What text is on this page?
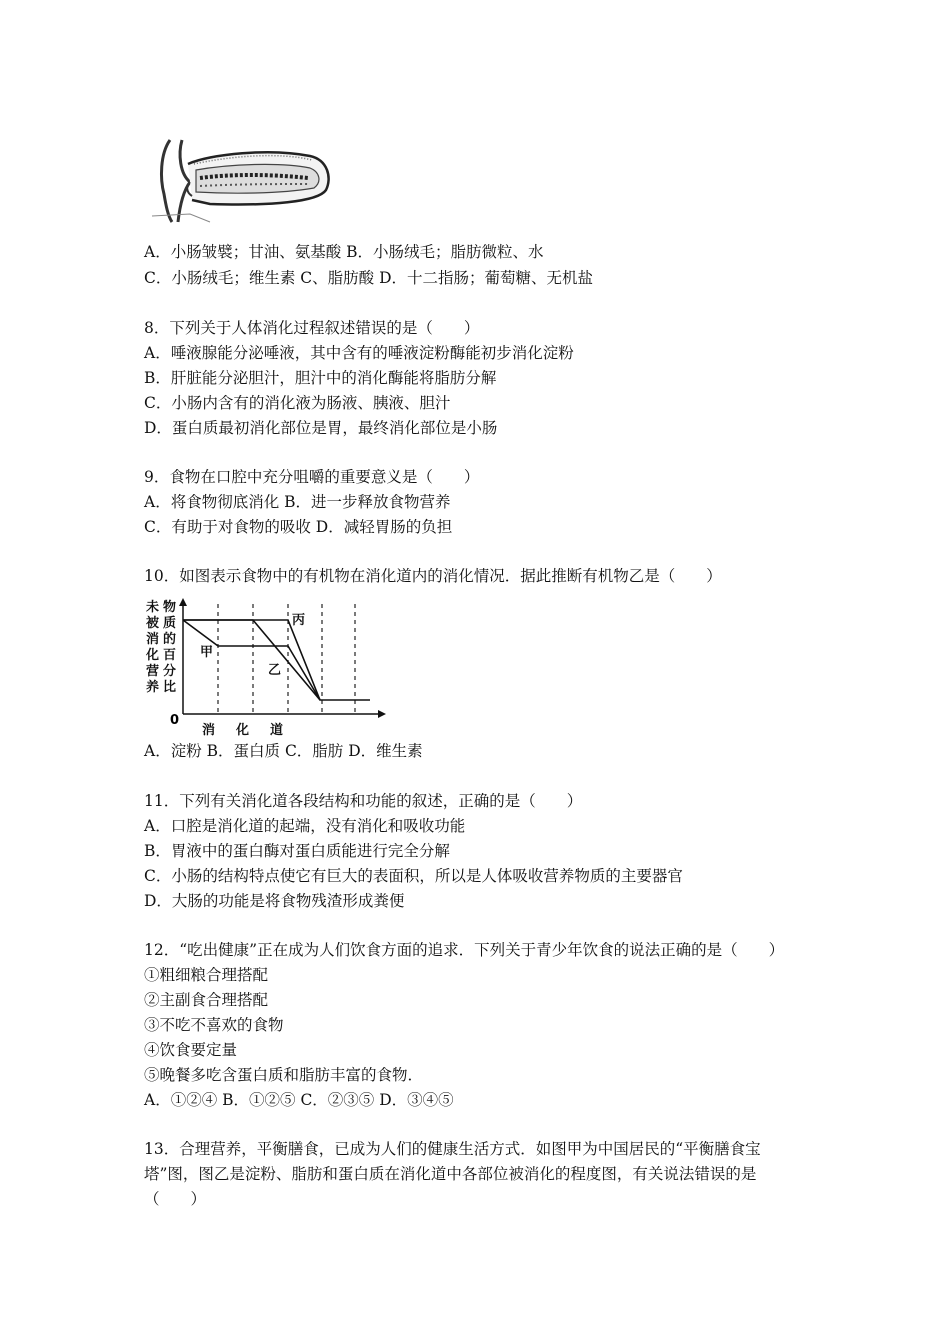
A．小肠皱襞；甘油、氨基酸 B．小肠绒毛；脂肪微粒、水
C．小肠绒毛；维生素 C、脂肪酸 D．十二指肠；葡萄糖、无机盐
8．下列关于人体消化过程叙述错误的是（　　）
A．唾液腺能分泌唾液，其中含有的唾液淀粉酶能初步消化淀粉
B．肝脏能分泌胆汁，胆汁中的消化酶能将脂肪分解
C．小肠内含有的消化液为肠液、胰液、胆汁
D．蛋白质最初消化部位是胃，最终消化部位是小肠
9．食物在口腔中充分咀嚼的重要意义是（　　）
A．将食物彻底消化 B．进一步释放食物营养
C．有助于对食物的吸收 D．减轻胃肠的负担
10．如图表示食物中的有机物在消化道内的消化情况．据此推断有机物乙是（　　）
未
被
消
化
营
养
物
质
的
百
分
比
0
甲
乙
丙
消 化 道
A．淀粉 B．蛋白质 C．脂肪 D．维生素
11．下列有关消化道各段结构和功能的叙述，正确的是（　　）
A．口腔是消化道的起端，没有消化和吸收功能
B．胃液中的蛋白酶对蛋白质能进行完全分解
C．小肠的结构特点使它有巨大的表面积，所以是人体吸收营养物质的主要器官
D．大肠的功能是将食物残渣形成粪便
12．“吃出健康”正在成为人们饮食方面的追求．下列关于青少年饮食的说法正确的是（　　）
①粗细粮合理搭配
②主副食合理搭配
③不吃不喜欢的食物
④饮食要定量
⑤晚餐多吃含蛋白质和脂肪丰富的食物．
A．①②④ B．①②⑤ C．②③⑤ D．③④⑤
13．合理营养，平衡膳食，已成为人们的健康生活方式．如图甲为中国居民的“平衡膳食宝
塔”图，图乙是淀粉、脂肪和蛋白质在消化道中各部位被消化的程度图，有关说法错误的是
（　　）
